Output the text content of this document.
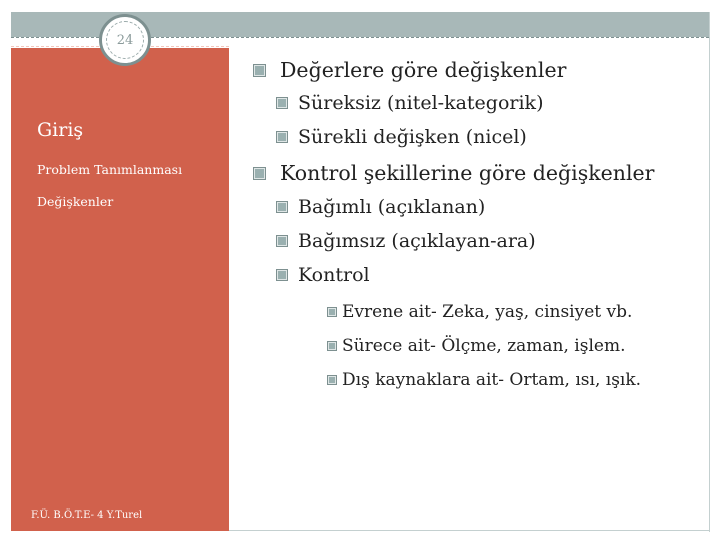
Giriş
Problem Tanımlanması
Değişkenler
F.Ü. B.Ö.T.E- 4 Y.Turel
24
Değerlere göre değişkenler
Süreksiz (nitel-kategorik)
Sürekli değişken (nicel)
Kontrol şekillerine göre değişkenler
Bağımlı (açıklanan)
Bağımsız (açıklayan-ara)
Kontrol
Evrene ait- Zeka, yaş, cinsiyet vb.
Sürece ait- Ölçme, zaman, işlem.
Dış kaynaklara ait- Ortam, ısı, ışık.
